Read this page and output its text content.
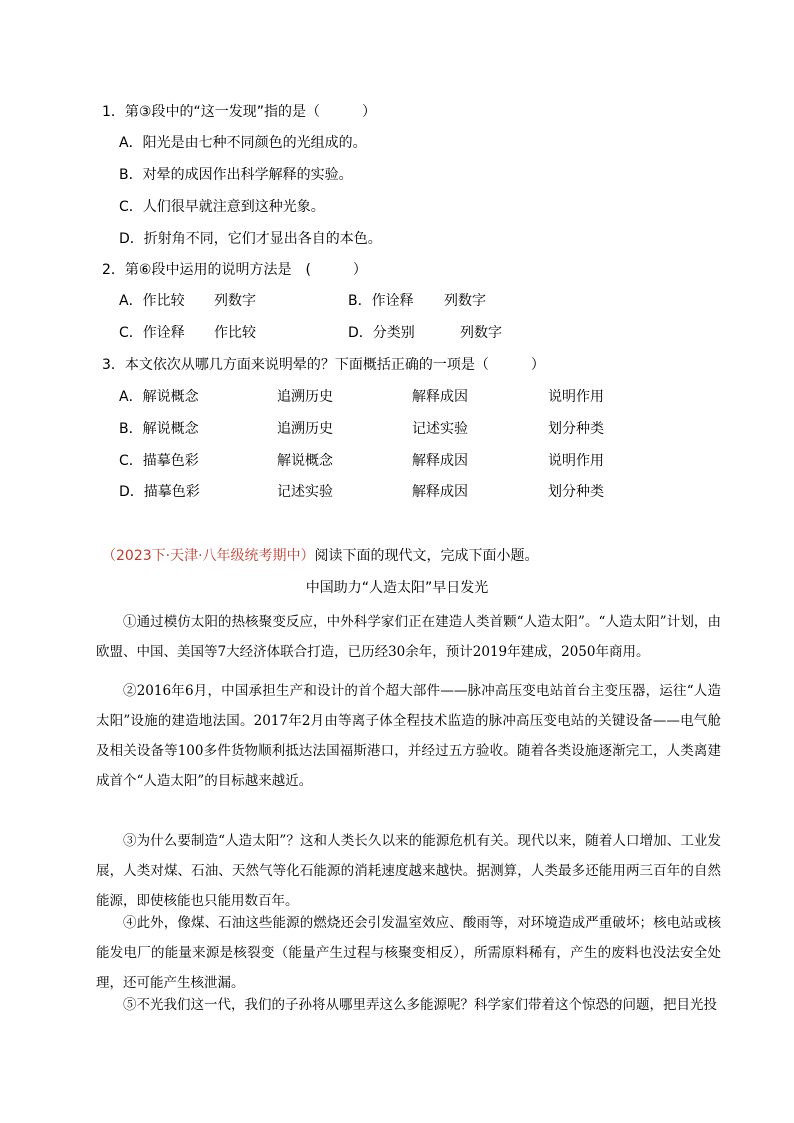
1．第③段中的“这一发现”指的是（　　　）
A．阳光是由七种不同颜色的光组成的。
B．对晕的成因作出科学解释的实验。
C．人们很早就注意到这种光象。
D．折射角不同，它们才显出各自的本色。
2．第⑥段中运用的说明方法是　(　　　）
A．作比较 列数字	B．作诠释 列数字
C．作诠释 作比较	D．分类别	列数字
3．本文依次从哪几方面来说明晕的？下面概括正确的一项是（　　　）
A．解说概念	追溯历史	解释成因	说明作用
B．解说概念	追溯历史	记述实验	划分种类
C．描摹色彩	解说概念	解释成因	说明作用
D．描摹色彩	记述实验	解释成因	划分种类
（2023下·天津·八年级统考期中）阅读下面的现代文，完成下面小题。
中国助力“人造太阳”早日发光
①通过模仿太阳的热核聚变反应，中外科学家们正在建造人类首颗“人造太阳”。“人造太阳”计划，由欧盟、中国、美国等7大经济体联合打造，已历经30余年，预计2019年建成，2050年商用。
②2016年6月，中国承担生产和设计的首个超大部件——脉冲高压变电站首台主变压器，运往“人造太阳”设施的建造地法国。2017年2月由等离子体全程技术监造的脉冲高压变电站的关键设备——电气舱及相关设备等100多件货物顺利抵达法国福斯港口，并经过五方验收。随着各类设施逐渐完工，人类离建成首个“人造太阳”的目标越来越近。
③为什么要制造“人造太阳”？这和人类长久以来的能源危机有关。现代以来，随着人口增加、工业发展，人类对煤、石油、天然气等化石能源的消耗速度越来越快。据测算，人类最多还能用两三百年的自然能源，即使核能也只能用数百年。
④此外，像煤、石油这些能源的燃烧还会引发温室效应、酸雨等，对环境造成严重破坏；核电站或核能发电厂的能量来源是核裂变（能量产生过程与核聚变相反），所需原料稀有，产生的废料也没法安全处理，还可能产生核泄漏。
⑤不光我们这一代，我们的子孙将从哪里弄这么多能源呢？科学家们带着这个惊恐的问题，把目光投
